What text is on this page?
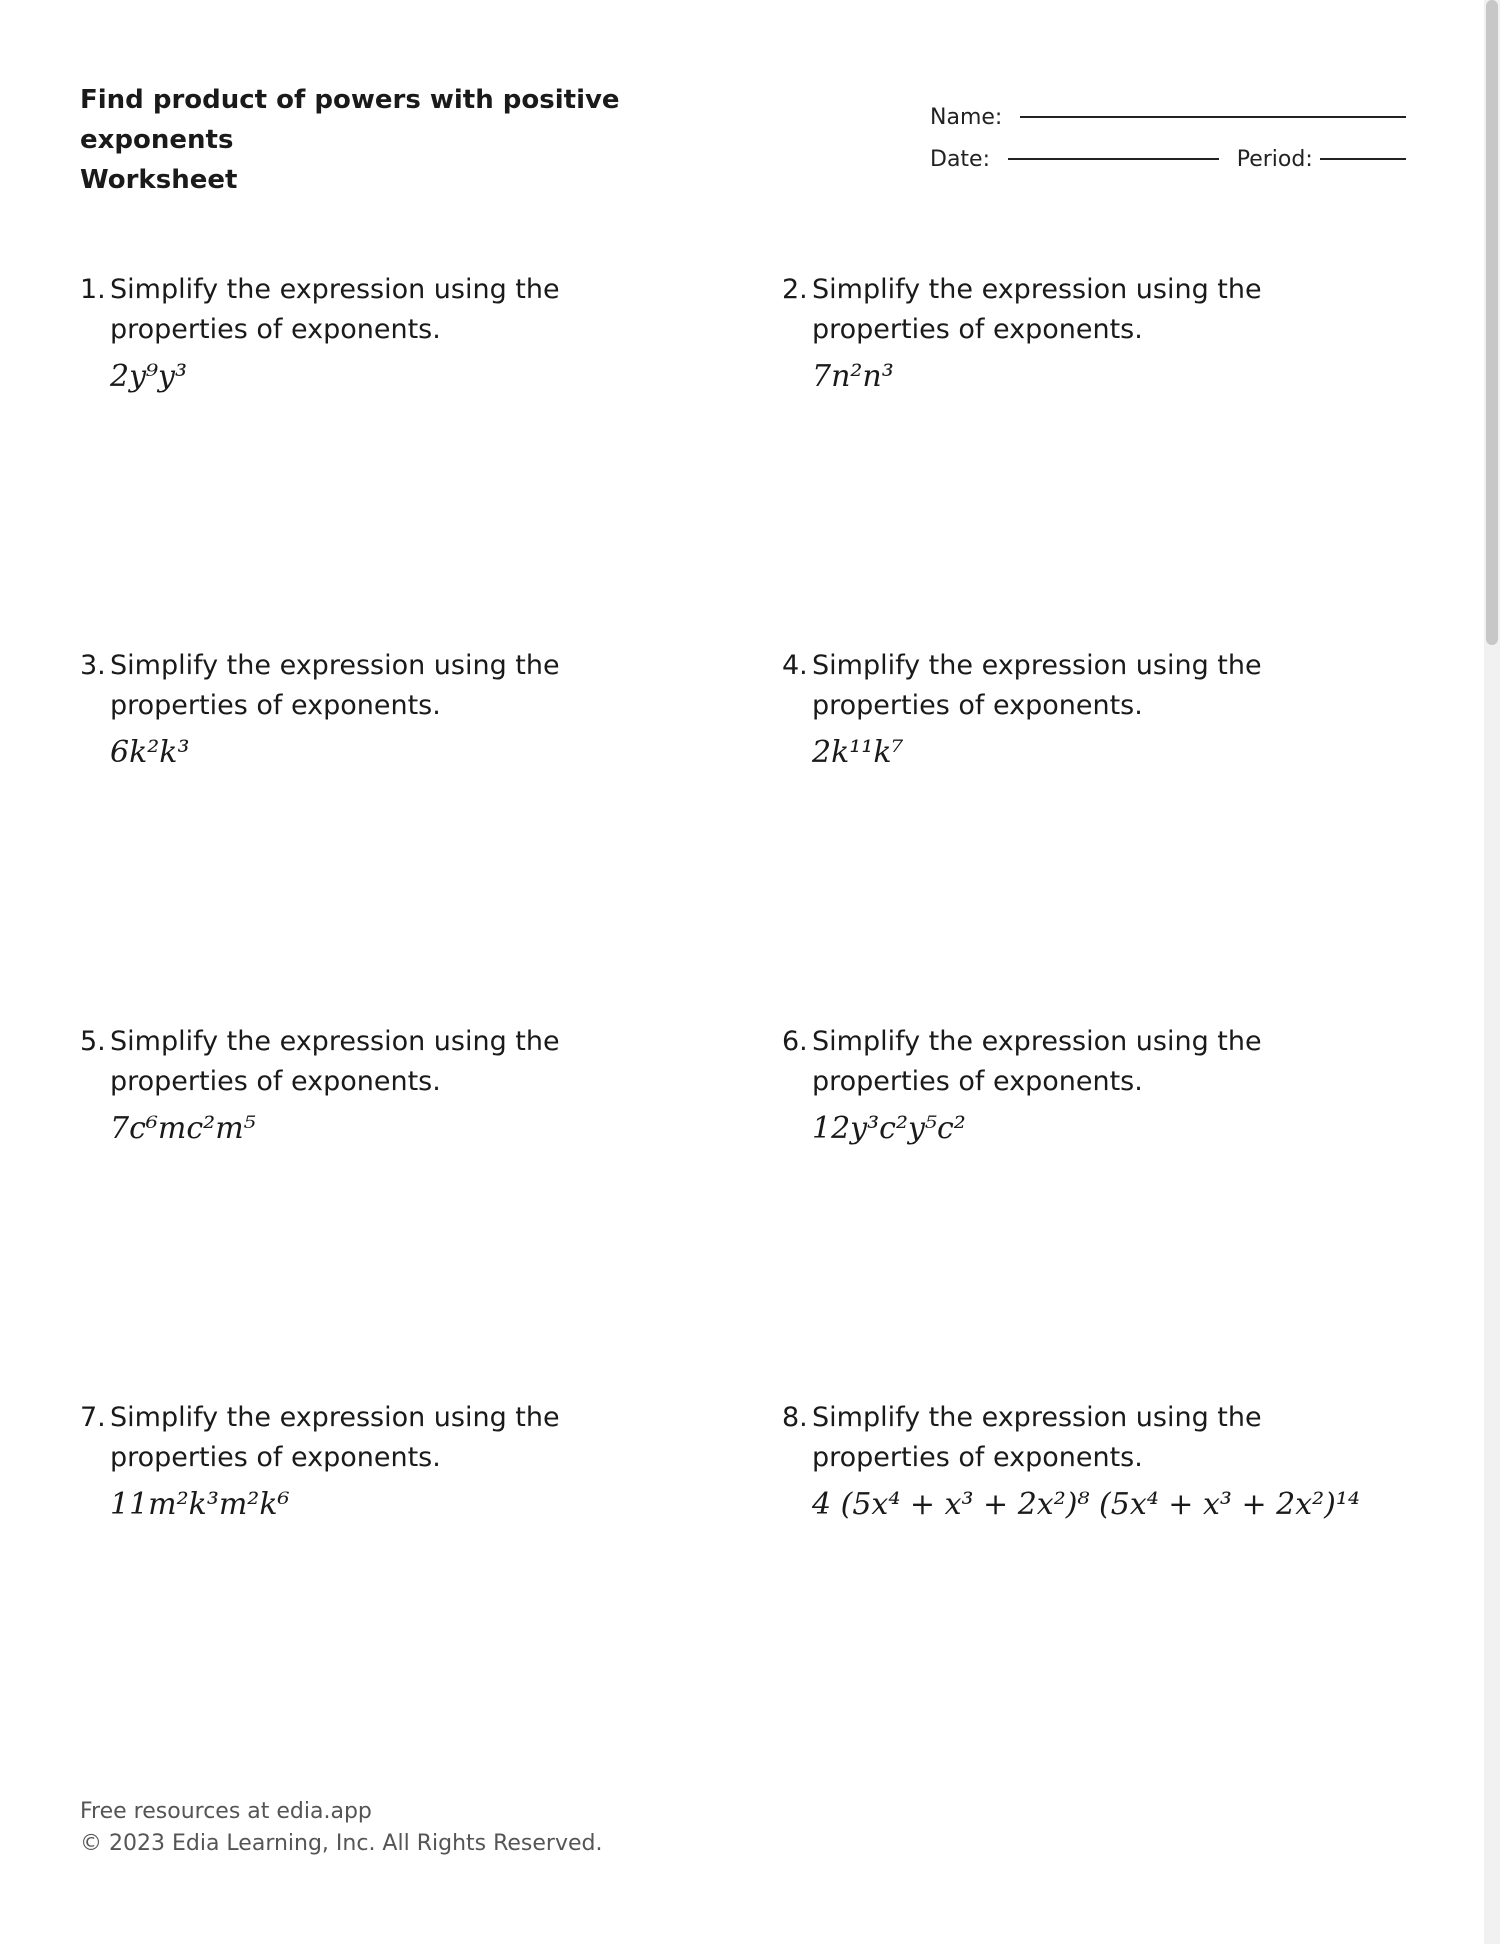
Find product of powers with positive exponents
Worksheet
Name:
Date:	Period:
1. Simplify the expression using the properties of exponents.
2y⁹y³
2. Simplify the expression using the properties of exponents.
7n²n³
3. Simplify the expression using the properties of exponents.
6k²k³
4. Simplify the expression using the properties of exponents.
2k¹¹k⁷
5. Simplify the expression using the properties of exponents.
7c⁶mc²m⁵
6. Simplify the expression using the properties of exponents.
12y³c²y⁵c²
7. Simplify the expression using the properties of exponents.
11m²k³m²k⁶
8. Simplify the expression using the properties of exponents.
4 (5x⁴ + x³ + 2x²)⁸ (5x⁴ + x³ + 2x²)¹⁴
Free resources at edia.app
© 2023 Edia Learning, Inc. All Rights Reserved.
